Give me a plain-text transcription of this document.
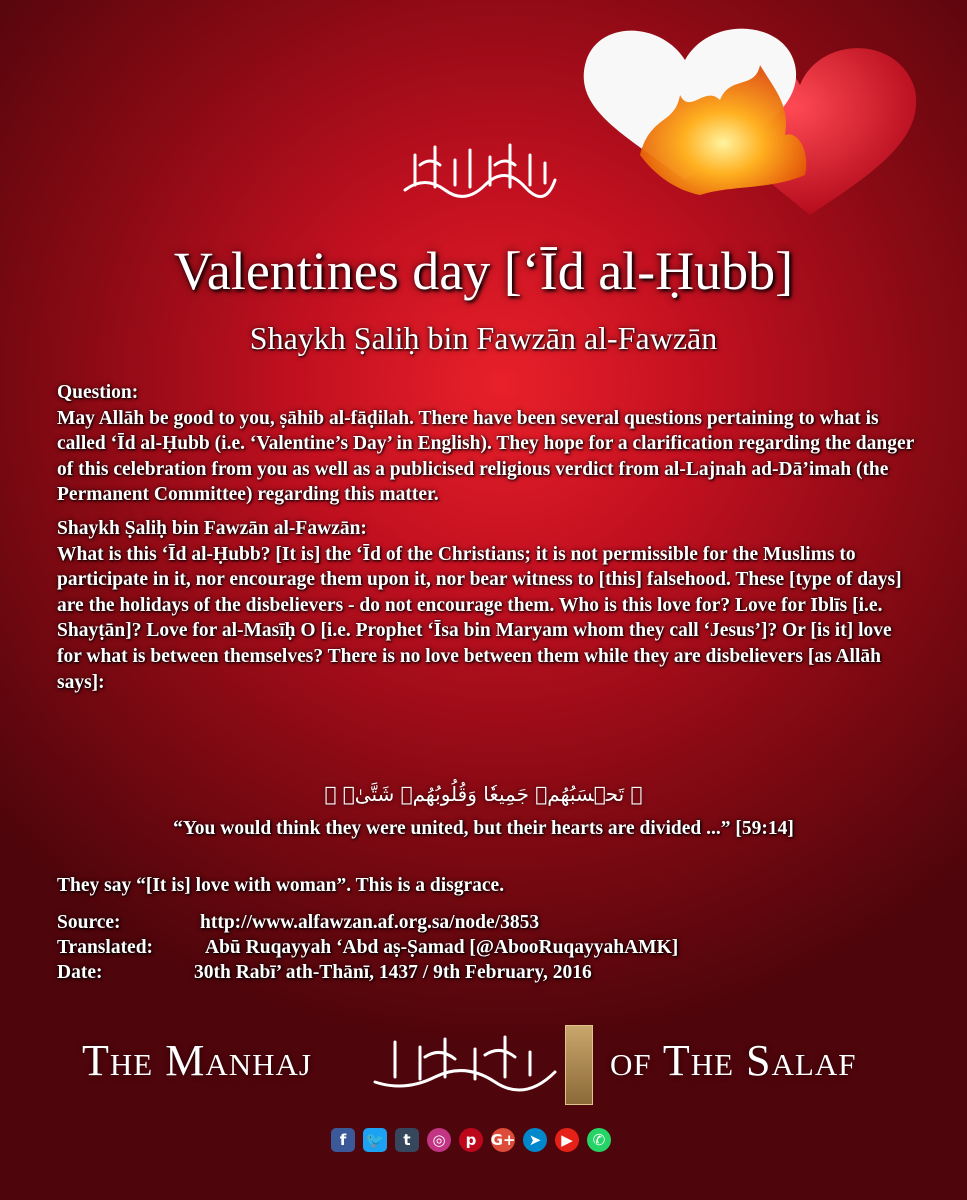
Valentines day [‘Īd al-Ḥubb]
Shaykh Ṣaliḥ bin Fawzān al-Fawzān
Question:
May Allāh be good to you, ṣāhib al-fāḍilah. There have been several questions pertaining to what is called ‘Īd al-Ḥubb (i.e. ‘Valentine’s Day’ in English). They hope for a clarification regarding the danger of this celebration from you as well as a publicised religious verdict from al-Lajnah ad-Dā’imah (the Permanent Committee) regarding this matter.
Shaykh Ṣaliḥ bin Fawzān al-Fawzān:
What is this ‘Īd al-Ḥubb? [It is] the ‘Īd of the Christians; it is not permissible for the Muslims to participate in it, nor encourage them upon it, nor bear witness to [this] falsehood. These [type of days] are the holidays of the disbelievers - do not encourage them. Who is this love for? Love for Iblīs [i.e. Shayṭān]? Love for al-Masīḥ O [i.e. Prophet ‘Īsa bin Maryam whom they call ‘Jesus’]? Or [is it] love for what is between themselves? There is no love between them while they are disbelievers [as Allāh says]:
﴿ تَحۡسَبُهُمۡ جَمِيعٗا وَقُلُوبُهُمۡ شَتَّىٰۚ ﴾
“You would think they were united, but their hearts are divided ...” [59:14]
They say “[It is] love with woman”. This is a disgrace.
Source:	http://www.alfawzan.af.org.sa/node/3853
Translated:	Abū Ruqayyah ‘Abd aṣ-Ṣamad [@AbooRuqayyahAMK]
Date:	30th Rabī’ ath-Thānī, 1437 / 9th February, 2016
The Manhaj	of The Salaf
f	🐦	t	◎	p G+ ➤	▶	✆
